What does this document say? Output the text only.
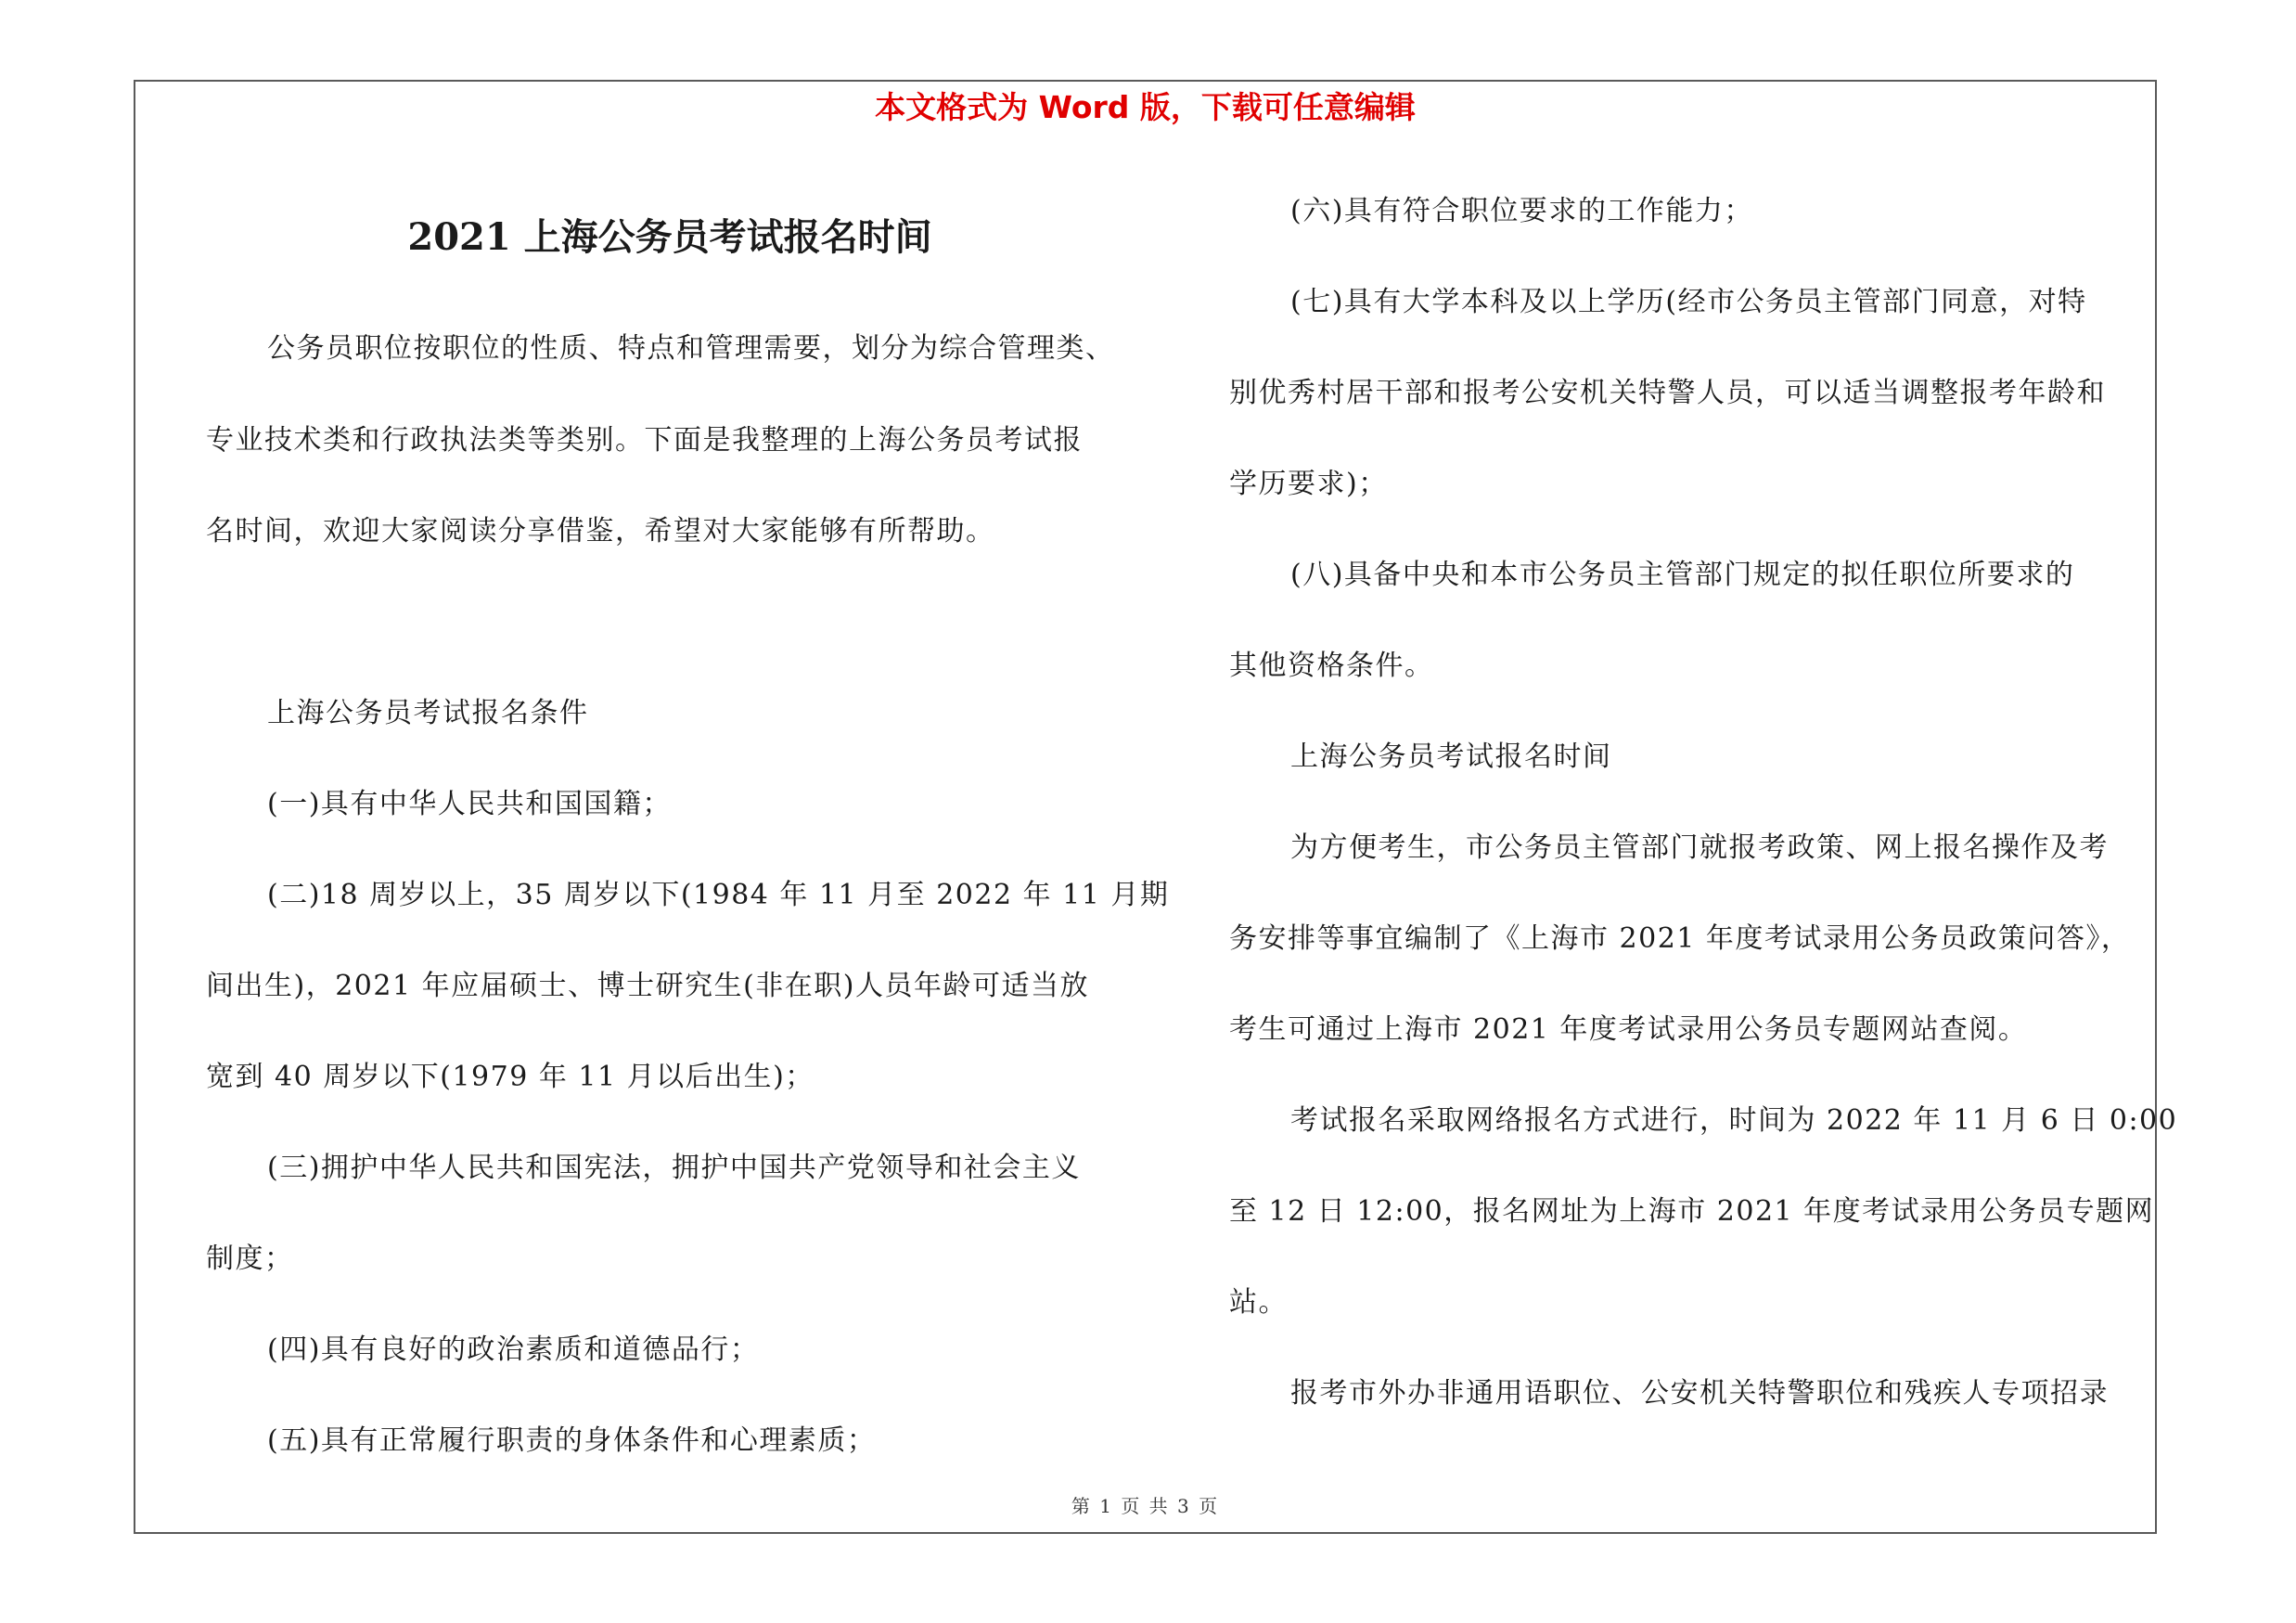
本文格式为 Word 版，下载可任意编辑
2021 上海公务员考试报名时间
公务员职位按职位的性质、特点和管理需要，划分为综合管理类、
专业技术类和行政执法类等类别。下面是我整理的上海公务员考试报
名时间，欢迎大家阅读分享借鉴，希望对大家能够有所帮助。
上海公务员考试报名条件
(一)具有中华人民共和国国籍；
(二)18 周岁以上，35 周岁以下(1984 年 11 月至 2022 年 11 月期
间出生)，2021 年应届硕士、博士研究生(非在职)人员年龄可适当放
宽到 40 周岁以下(1979 年 11 月以后出生)；
(三)拥护中华人民共和国宪法，拥护中国共产党领导和社会主义
制度；
(四)具有良好的政治素质和道德品行；
(五)具有正常履行职责的身体条件和心理素质；
(六)具有符合职位要求的工作能力；
(七)具有大学本科及以上学历(经市公务员主管部门同意，对特
别优秀村居干部和报考公安机关特警人员，可以适当调整报考年龄和
学历要求)；
(八)具备中央和本市公务员主管部门规定的拟任职位所要求的
其他资格条件。
上海公务员考试报名时间
为方便考生，市公务员主管部门就报考政策、网上报名操作及考
务安排等事宜编制了《上海市 2021 年度考试录用公务员政策问答》，
考生可通过上海市 2021 年度考试录用公务员专题网站查阅。
考试报名采取网络报名方式进行，时间为 2022 年 11 月 6 日 0:00
至 12 日 12:00，报名网址为上海市 2021 年度考试录用公务员专题网
站。
报考市外办非通用语职位、公安机关特警职位和残疾人专项招录
第 1 页 共 3 页
